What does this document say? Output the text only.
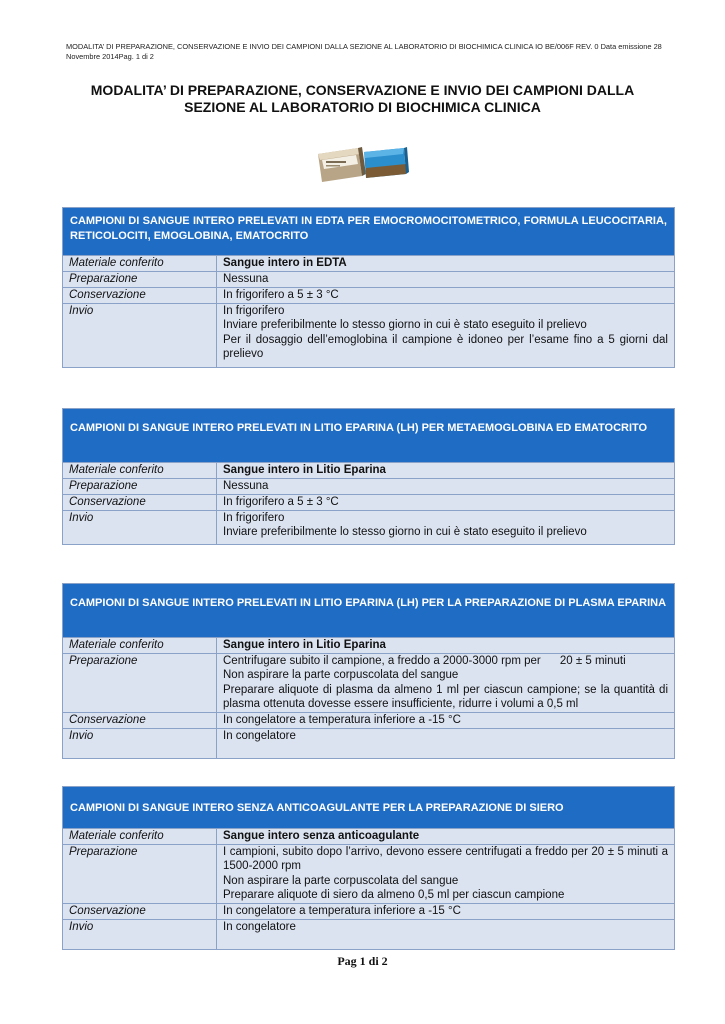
MODALITA’ DI PREPARAZIONE, CONSERVAZIONE E INVIO DEI CAMPIONI DALLA SEZIONE AL LABORATORIO DI BIOCHIMICA CLINICA IO BE/006F REV. 0 Data emissione 28 Novembre 2014Pag. 1 di 2
MODALITA’ DI PREPARAZIONE, CONSERVAZIONE E INVIO DEI CAMPIONI DALLA
SEZIONE AL LABORATORIO DI BIOCHIMICA CLINICA
CAMPIONI DI SANGUE INTERO PRELEVATI IN EDTA PER EMOCROMOCITOMETRICO, FORMULA LEUCOCITARIA, RETICOLOCITI, EMOGLOBINA, EMATOCRITO
Materiale conferito	Sangue intero in EDTA
Preparazione	Nessuna
Conservazione	In frigorifero a 5 ± 3 °C
Invio	In frigorifero
Inviare preferibilmente lo stesso giorno in cui è stato eseguito il prelievo
Per il dosaggio dell’emoglobina il campione è idoneo per l’esame fino a 5 giorni dal prelievo
CAMPIONI DI SANGUE INTERO PRELEVATI IN LITIO EPARINA (LH) PER METAEMOGLOBINA ED EMATOCRITO
Materiale conferito	Sangue intero in Litio Eparina
Preparazione	Nessuna
Conservazione	In frigorifero a 5 ± 3 °C
Invio	In frigorifero
Inviare preferibilmente lo stesso giorno in cui è stato eseguito il prelievo
CAMPIONI DI SANGUE INTERO PRELEVATI IN LITIO EPARINA (LH) PER LA PREPARAZIONE DI PLASMA EPARINA
Materiale conferito	Sangue intero in Litio Eparina
Preparazione	Centrifugare subito il campione, a freddo a 2000-3000 rpm per      20 ± 5 minuti
Non aspirare la parte corpuscolata del sangue
Preparare aliquote di plasma da almeno 1 ml per ciascun campione; se la quantità di plasma ottenuta dovesse essere insufficiente, ridurre i volumi a 0,5 ml

Conservazione	In congelatore a temperatura inferiore a -15 °C
Invio	In congelatore
CAMPIONI DI SANGUE INTERO SENZA ANTICOAGULANTE PER LA PREPARAZIONE DI SIERO
Materiale conferito	Sangue intero senza anticoagulante
Preparazione	I campioni, subito dopo l’arrivo, devono essere centrifugati a freddo per 20 ± 5 minuti a 1500-2000 rpm
Non aspirare la parte corpuscolata del sangue
Preparare aliquote di siero da almeno 0,5 ml per ciascun campione

Conservazione	In congelatore a temperatura inferiore a -15 °C
Invio	In congelatore
Pag 1 di 2
